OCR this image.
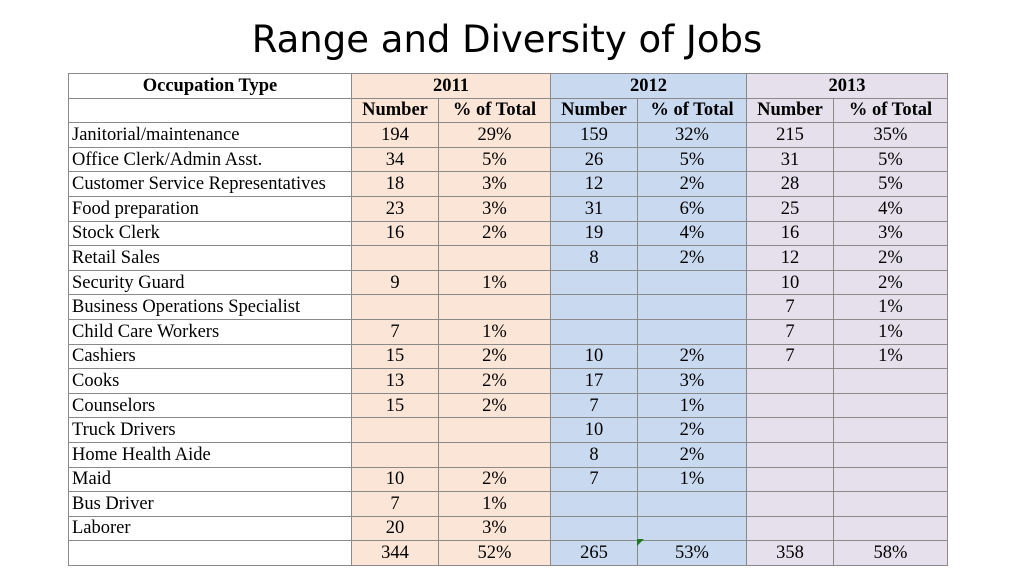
Range and Diversity of Jobs
Occupation Type	2011		2012		2013	
	Number	% of Total	Number	% of Total	Number	% of Total
Janitorial/maintenance	194	29%	159	32%	215	35%
Office Clerk/Admin Asst.	34	5%	26	5%	31	5%
Customer Service Representatives	18	3%	12	2%	28	5%
Food preparation	23	3%	31	6%	25	4%
Stock Clerk	16	2%	19	4%	16	3%
Retail Sales			8	2%	12	2%
Security Guard	9	1%			10	2%
Business Operations Specialist					7	1%
Child Care Workers	7	1%			7	1%
Cashiers	15	2%	10	2%	7	1%
Cooks	13	2%	17	3%		
Counselors	15	2%	7	1%		
Truck Drivers			10	2%		
Home Health Aide			8	2%		
Maid	10	2%	7	1%		
Bus Driver	7	1%				
Laborer	20	3%				
	344	52%	265	53%	358	58%
